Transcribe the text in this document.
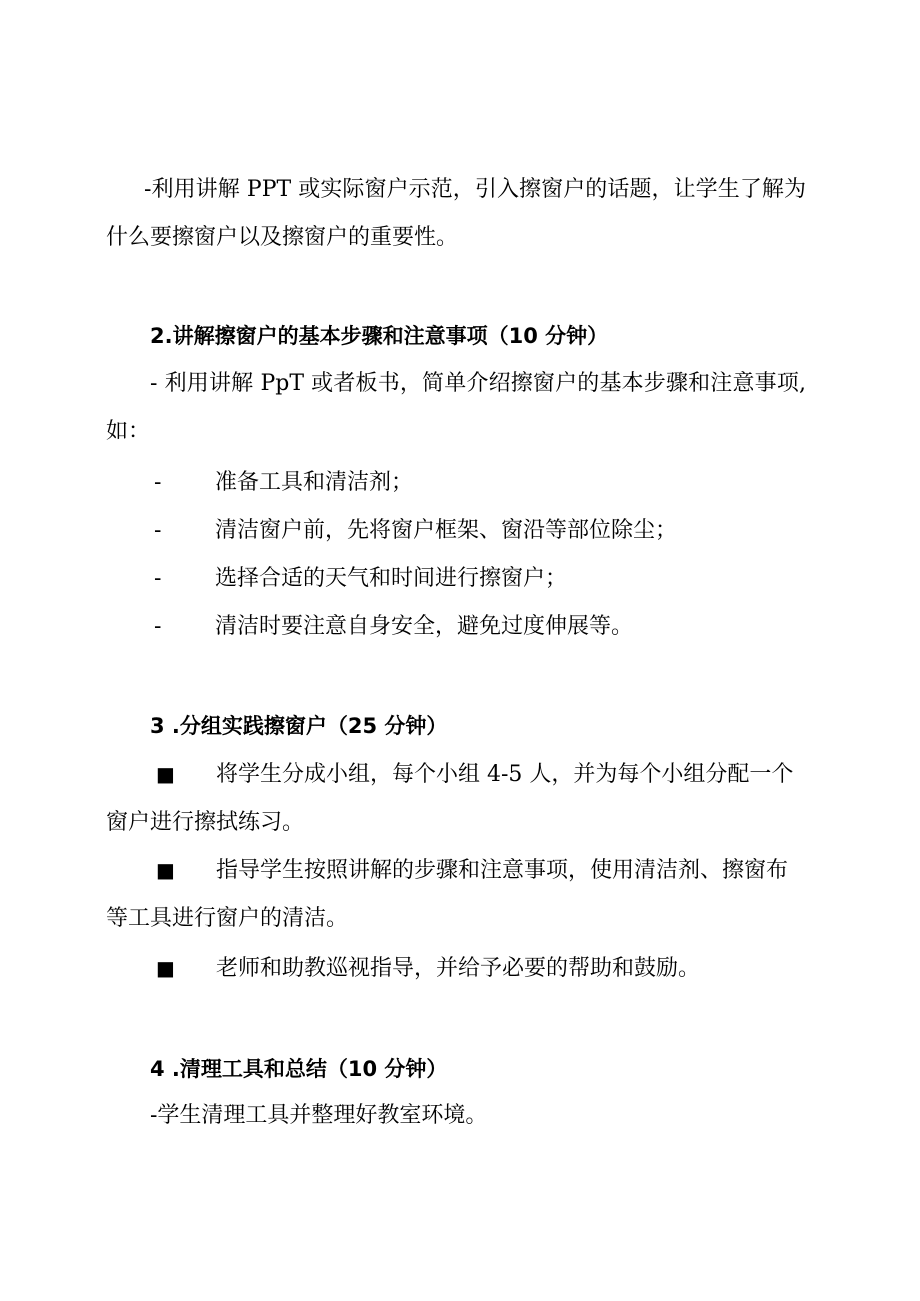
-利用讲解 PPT 或实际窗户示范，引入擦窗户的话题，让学生了解为什么要擦窗户以及擦窗户的重要性。

2.讲解擦窗户的基本步骤和注意事项（10 分钟）

- 利用讲解 PpT 或者板书，简单介绍擦窗户的基本步骤和注意事项, 如：

- 准备工具和清洁剂；
- 清洁窗户前，先将窗户框架、窗沿等部位除尘；
- 选择合适的天气和时间进行擦窗户；
- 清洁时要注意自身安全，避免过度伸展等。
3 .分组实践擦窗户（25 分钟）

■ 将学生分成小组，每个小组 4-5 人，并为每个小组分配一个窗户进行擦拭练习。

■ 指导学生按照讲解的步骤和注意事项，使用清洁剂、擦窗布等工具进行窗户的清洁。

■ 老师和助教巡视指导，并给予必要的帮助和鼓励。

4 .清理工具和总结（10 分钟）

-学生清理工具并整理好教室环境。
